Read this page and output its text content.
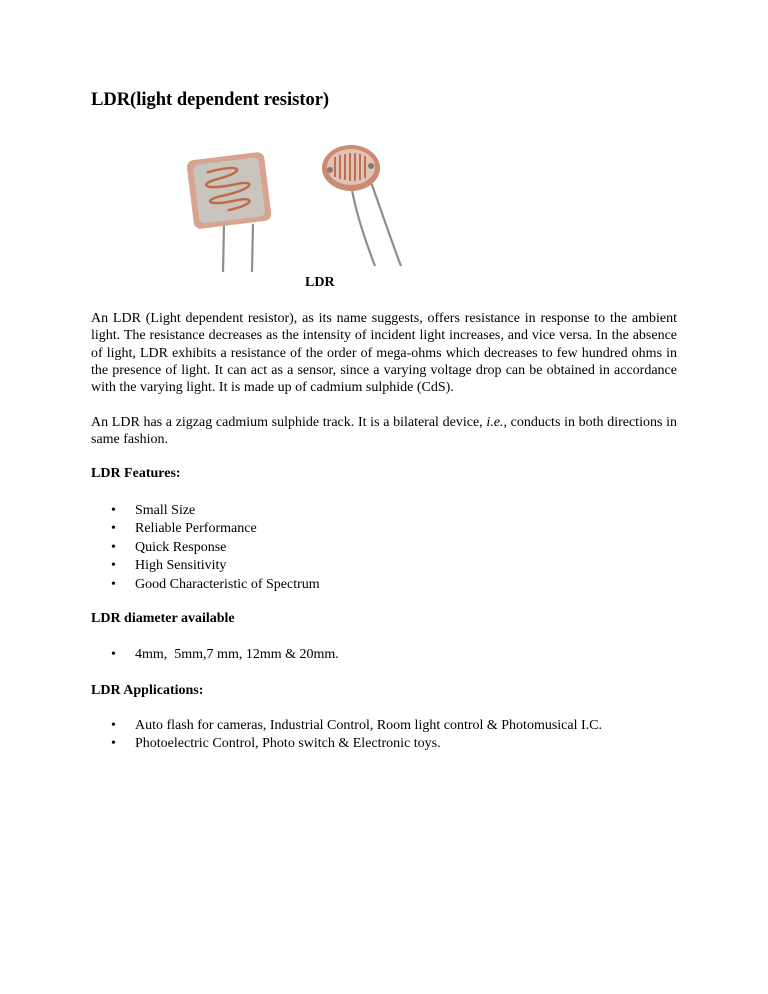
LDR(light dependent resistor)
LDR

An LDR (Light dependent resistor), as its name suggests, offers resistance in response to the ambient light. The resistance decreases as the intensity of incident light increases, and vice versa. In the absence of light, LDR exhibits a resistance of the order of mega-ohms which decreases to few hundred ohms in the presence of light. It can act as a sensor, since a varying voltage drop can be obtained in accordance with the varying light. It is made up of cadmium sulphide (CdS).

An LDR has a zigzag cadmium sulphide track. It is a bilateral device, i.e., conducts in both directions in same fashion.

LDR Features:
• Small Size
• Reliable Performance
• Quick Response
• High Sensitivity
• Good Characteristic of Spectrum
LDR diameter available
• 4mm,  5mm,7 mm, 12mm & 20mm.
LDR Applications:
• Auto flash for cameras, Industrial Control, Room light control & Photomusical I.C.
• Photoelectric Control, Photo switch & Electronic toys.
